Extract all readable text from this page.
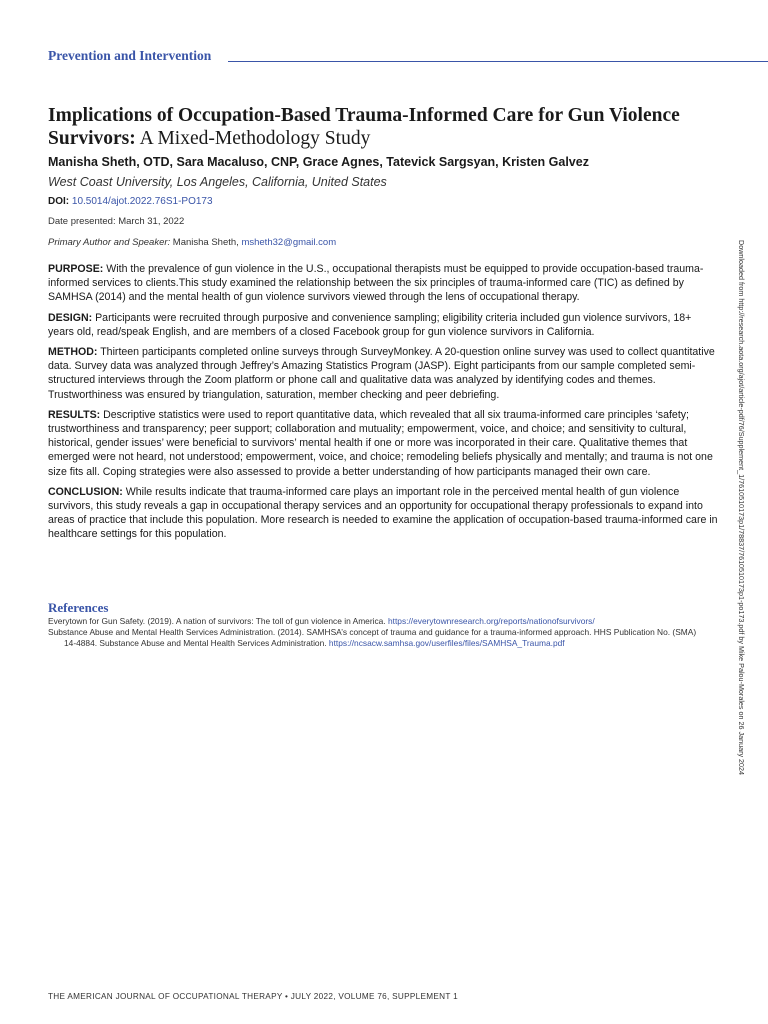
Prevention and Intervention
Implications of Occupation-Based Trauma-Informed Care for Gun Violence Survivors: A Mixed-Methodology Study
Manisha Sheth, OTD, Sara Macaluso, CNP, Grace Agnes, Tatevick Sargsyan, Kristen Galvez
West Coast University, Los Angeles, California, United States
DOI: 10.5014/ajot.2022.76S1-PO173
Date presented: March 31, 2022
Primary Author and Speaker: Manisha Sheth, msheth32@gmail.com

PURPOSE: With the prevalence of gun violence in the U.S., occupational therapists must be equipped to provide occupation-based trauma-informed services to clients.This study examined the relationship between the six principles of trauma-informed care (TIC) as defined by SAMHSA (2014) and the mental health of gun violence survivors viewed through the lens of occupational therapy.

DESIGN: Participants were recruited through purposive and convenience sampling; eligibility criteria included gun violence survivors, 18+ years old, read/speak English, and are members of a closed Facebook group for gun violence survivors in California.

METHOD: Thirteen participants completed online surveys through SurveyMonkey. A 20-question online survey was used to collect quantitative data. Survey data was analyzed through Jeffrey’s Amazing Statistics Program (JASP). Eight participants from our sample completed semi-structured interviews through the Zoom platform or phone call and qualitative data was analyzed by identifying codes and themes. Trustworthiness was ensured by triangulation, saturation, member checking and peer debriefing.

RESULTS: Descriptive statistics were used to report quantitative data, which revealed that all six trauma-informed care principles ‘safety; trustworthiness and transparency; peer support; collaboration and mutuality; empowerment, voice, and choice; and sensitivity to cultural, historical, gender issues’ were beneficial to survivors’ mental health if one or more was incorporated in their care. Qualitative themes that emerged were not heard, not understood; empowerment, voice, and choice; remodeling beliefs physically and mentally; and trauma is not one size fits all. Coping strategies were also assessed to provide a better understanding of how participants managed their own care.

CONCLUSION: While results indicate that trauma-informed care plays an important role in the perceived mental health of gun violence survivors, this study reveals a gap in occupational therapy services and an opportunity for occupational therapy professionals to expand into areas of practice that include this population. More research is needed to examine the application of occupation-based trauma-informed care in healthcare settings for this population.

References

Everytown for Gun Safety. (2019). A nation of survivors: The toll of gun violence in America. https://everytownresearch.org/reports/nationofsurvivors/

Substance Abuse and Mental Health Services Administration. (2014). SAMHSA’s concept of trauma and guidance for a trauma-informed approach. HHS Publication No. (SMA) 14-4884. Substance Abuse and Mental Health Services Administration. https://ncsacw.samhsa.gov/userfiles/files/SAMHSA_Trauma.pdf	Downloaded from http://research.aota.org/ajot/article-pdf/76/Supplement_1/7610510173p1/78837/7610510173p1-po173.pdf by Mike Palou-Morales on 26 January 2024
THE AMERICAN JOURNAL OF OCCUPATIONAL THERAPY • JULY 2022, VOLUME 76, SUPPLEMENT 1
